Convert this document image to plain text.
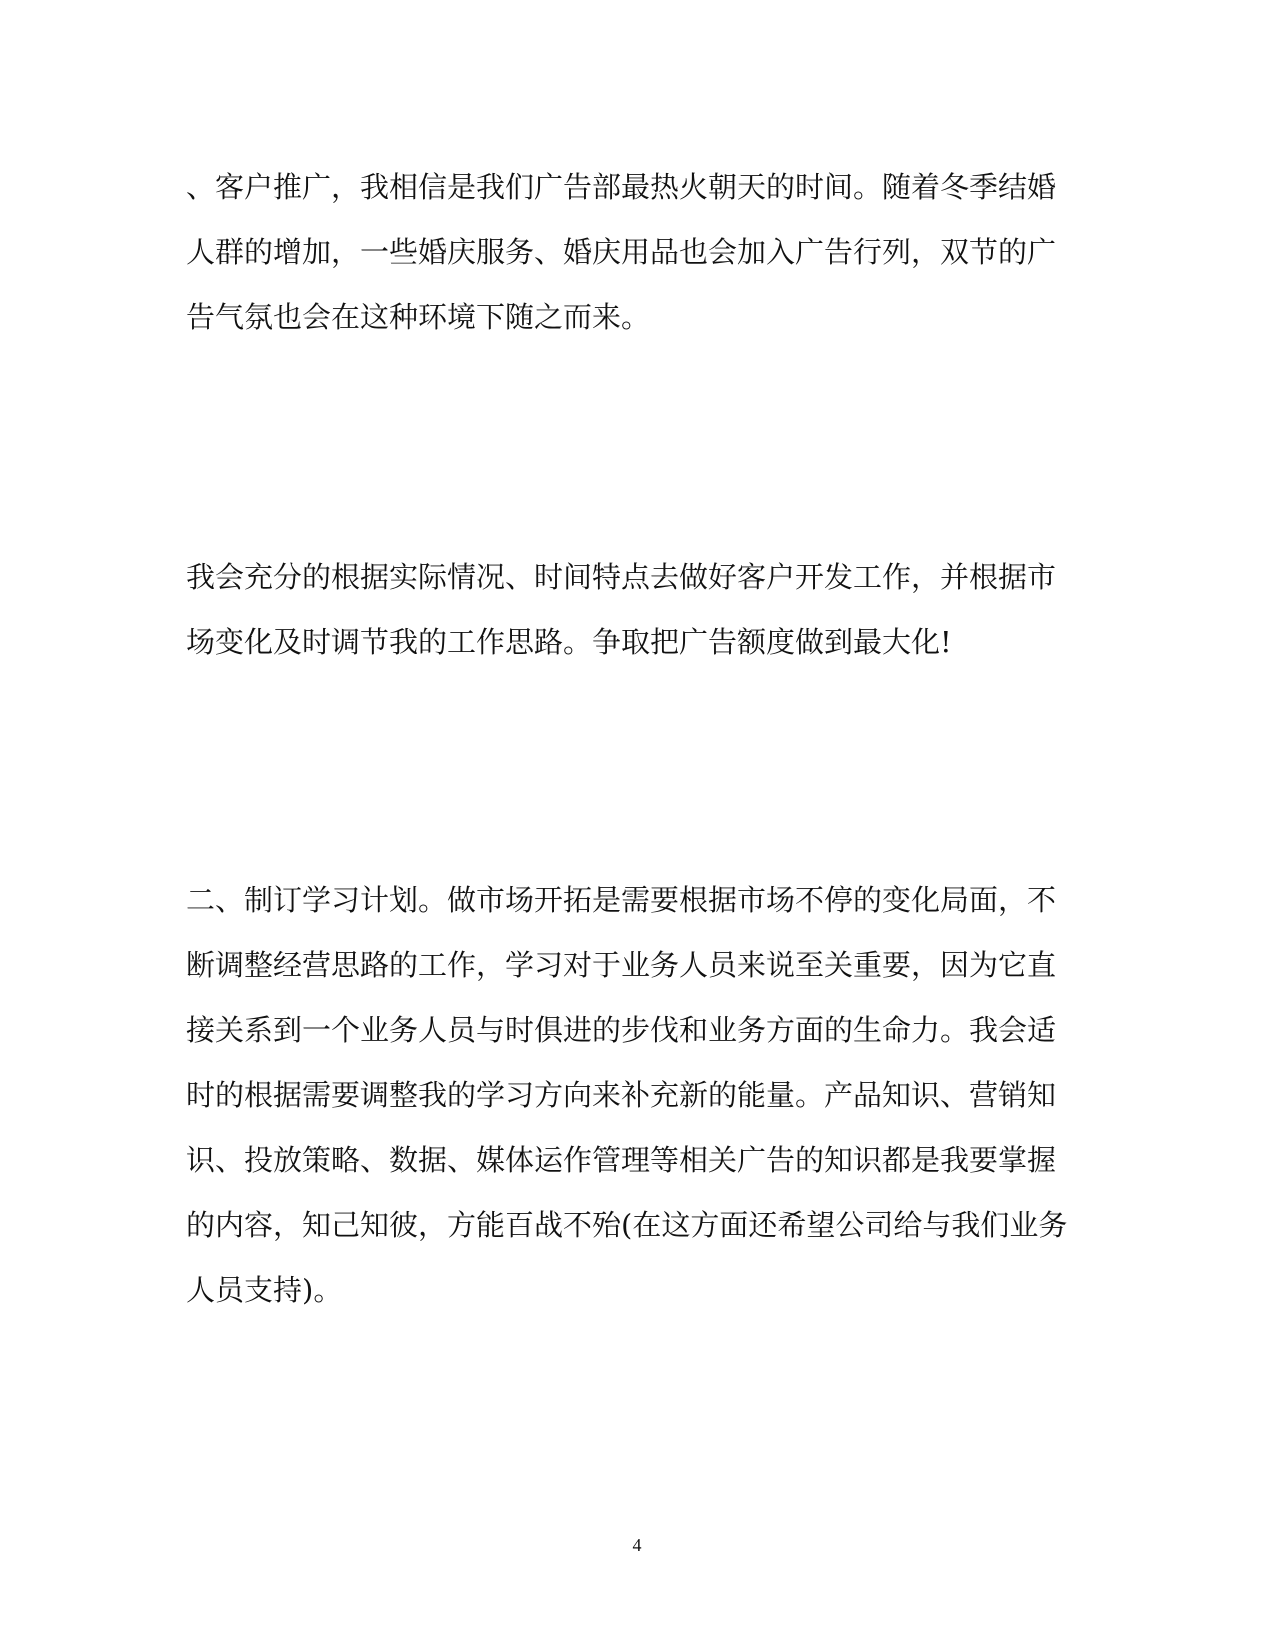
、客户推广，我相信是我们广告部最热火朝天的时间。随着冬季结婚
人群的增加，一些婚庆服务、婚庆用品也会加入广告行列，双节的广
告气氛也会在这种环境下随之而来。

我会充分的根据实际情况、时间特点去做好客户开发工作，并根据市
场变化及时调节我的工作思路。争取把广告额度做到最大化!

二、制订学习计划。做市场开拓是需要根据市场不停的变化局面，不
断调整经营思路的工作，学习对于业务人员来说至关重要，因为它直
接关系到一个业务人员与时俱进的步伐和业务方面的生命力。我会适
时的根据需要调整我的学习方向来补充新的能量。产品知识、营销知
识、投放策略、数据、媒体运作管理等相关广告的知识都是我要掌握
的内容，知己知彼，方能百战不殆(在这方面还希望公司给与我们业务
人员支持)。

4
